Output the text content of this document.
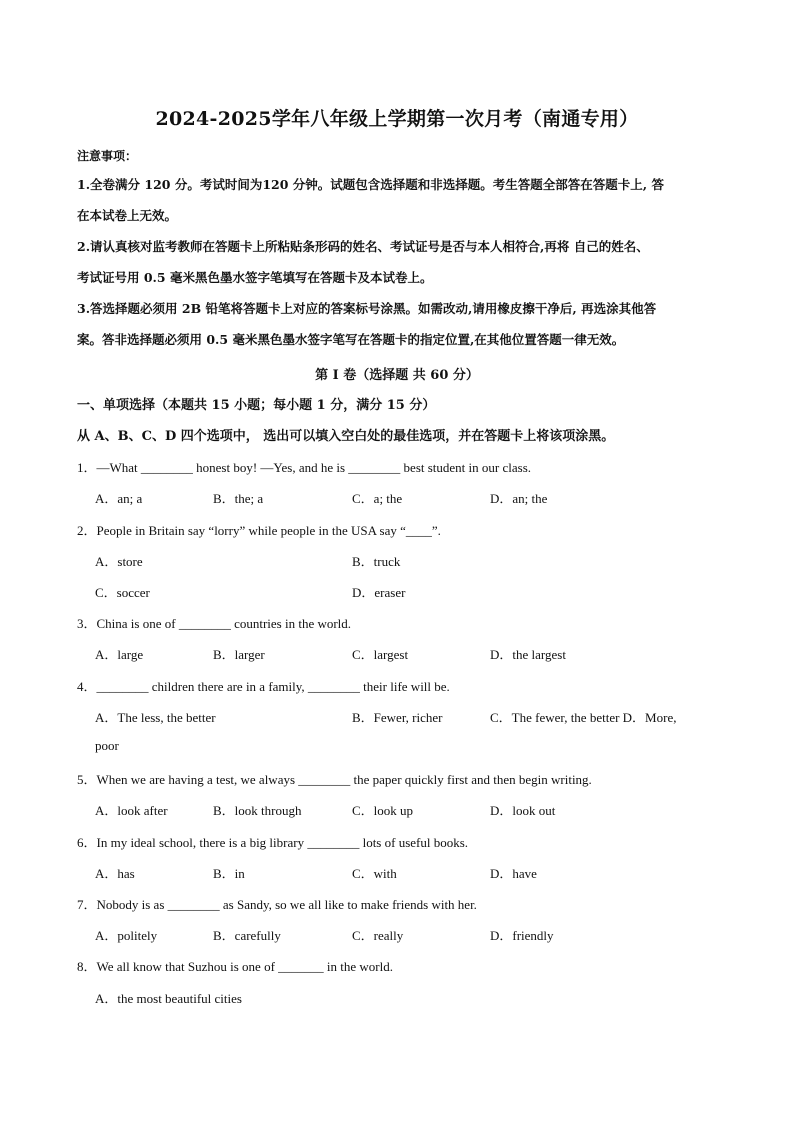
2024-2025学年八年级上学期第一次月考（南通专用）
注意事项：

1.全卷满分 120 分。考试时间为120 分钟。试题包含选择题和非选择题。考生答题全部答在答题卡上, 答

在本试卷上无效。

2.请认真核对监考教师在答题卡上所粘贴条形码的姓名、考试证号是否与本人相符合,再将 自己的姓名、

考试证号用 0.5 毫米黑色墨水签字笔填写在答题卡及本试卷上。

3.答选择题必须用 2B 铅笔将答题卡上对应的答案标号涂黑。如需改动,请用橡皮擦干净后, 再选涂其他答

案。答非选择题必须用 0.5 毫米黑色墨水签字笔写在答题卡的指定位置,在其他位置答题一律无效。

第 I 卷（选择题 共 60 分）
一、单项选择（本题共 15 小题；每小题 1 分，满分 15 分）
从 A、B、C、D 四个选项中， 选出可以填入空白处的最佳选项，并在答题卡上将该项涂黑。
1．—What ________ honest boy! —Yes, and he is ________ best student in our class.
A．an; a	B．the; a	C．a; the	D．an; the
2．People in Britain say “lorry” while people in the USA say “____”.
A．store	B．truck
C．soccer	D．eraser
3．China is one of ________ countries in the world.
A．large	B．larger	C．largest	D．the largest
4．________ children there are in a family, ________ their life will be.
A．The less, the better	B．Fewer, richer	C．The fewer, the better D．More,
poor
5．When we are having a test, we always ________ the paper quickly first and then begin writing.
A．look after	B．look through	C．look up	D．look out
6．In my ideal school, there is a big library ________ lots of useful books.
A．has	B．in	C．with	D．have
7．Nobody is as ________ as Sandy, so we all like to make friends with her.
A．politely	B．carefully	C．really	D．friendly
8．We all know that Suzhou is one of _______ in the world.
A．the most beautiful cities
